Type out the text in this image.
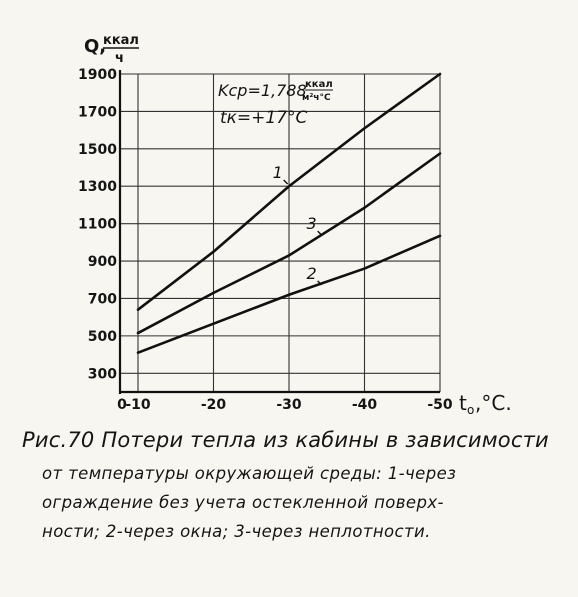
1
3
2
0
-10	-20	-30	-40	-50
1900
1700
1500
1300
1100
900
700
500
300
Q,
ккал
ч
t o ,°C.
Kср=1,788
ккал
м²ч°С
tк=+17°С
Рис.70 Потери тепла из кабины в зависимости
от температуры окружающей среды: 1-через
ограждение без учета остекленной поверх-
ности; 2-через окна; 3-через неплотности.
